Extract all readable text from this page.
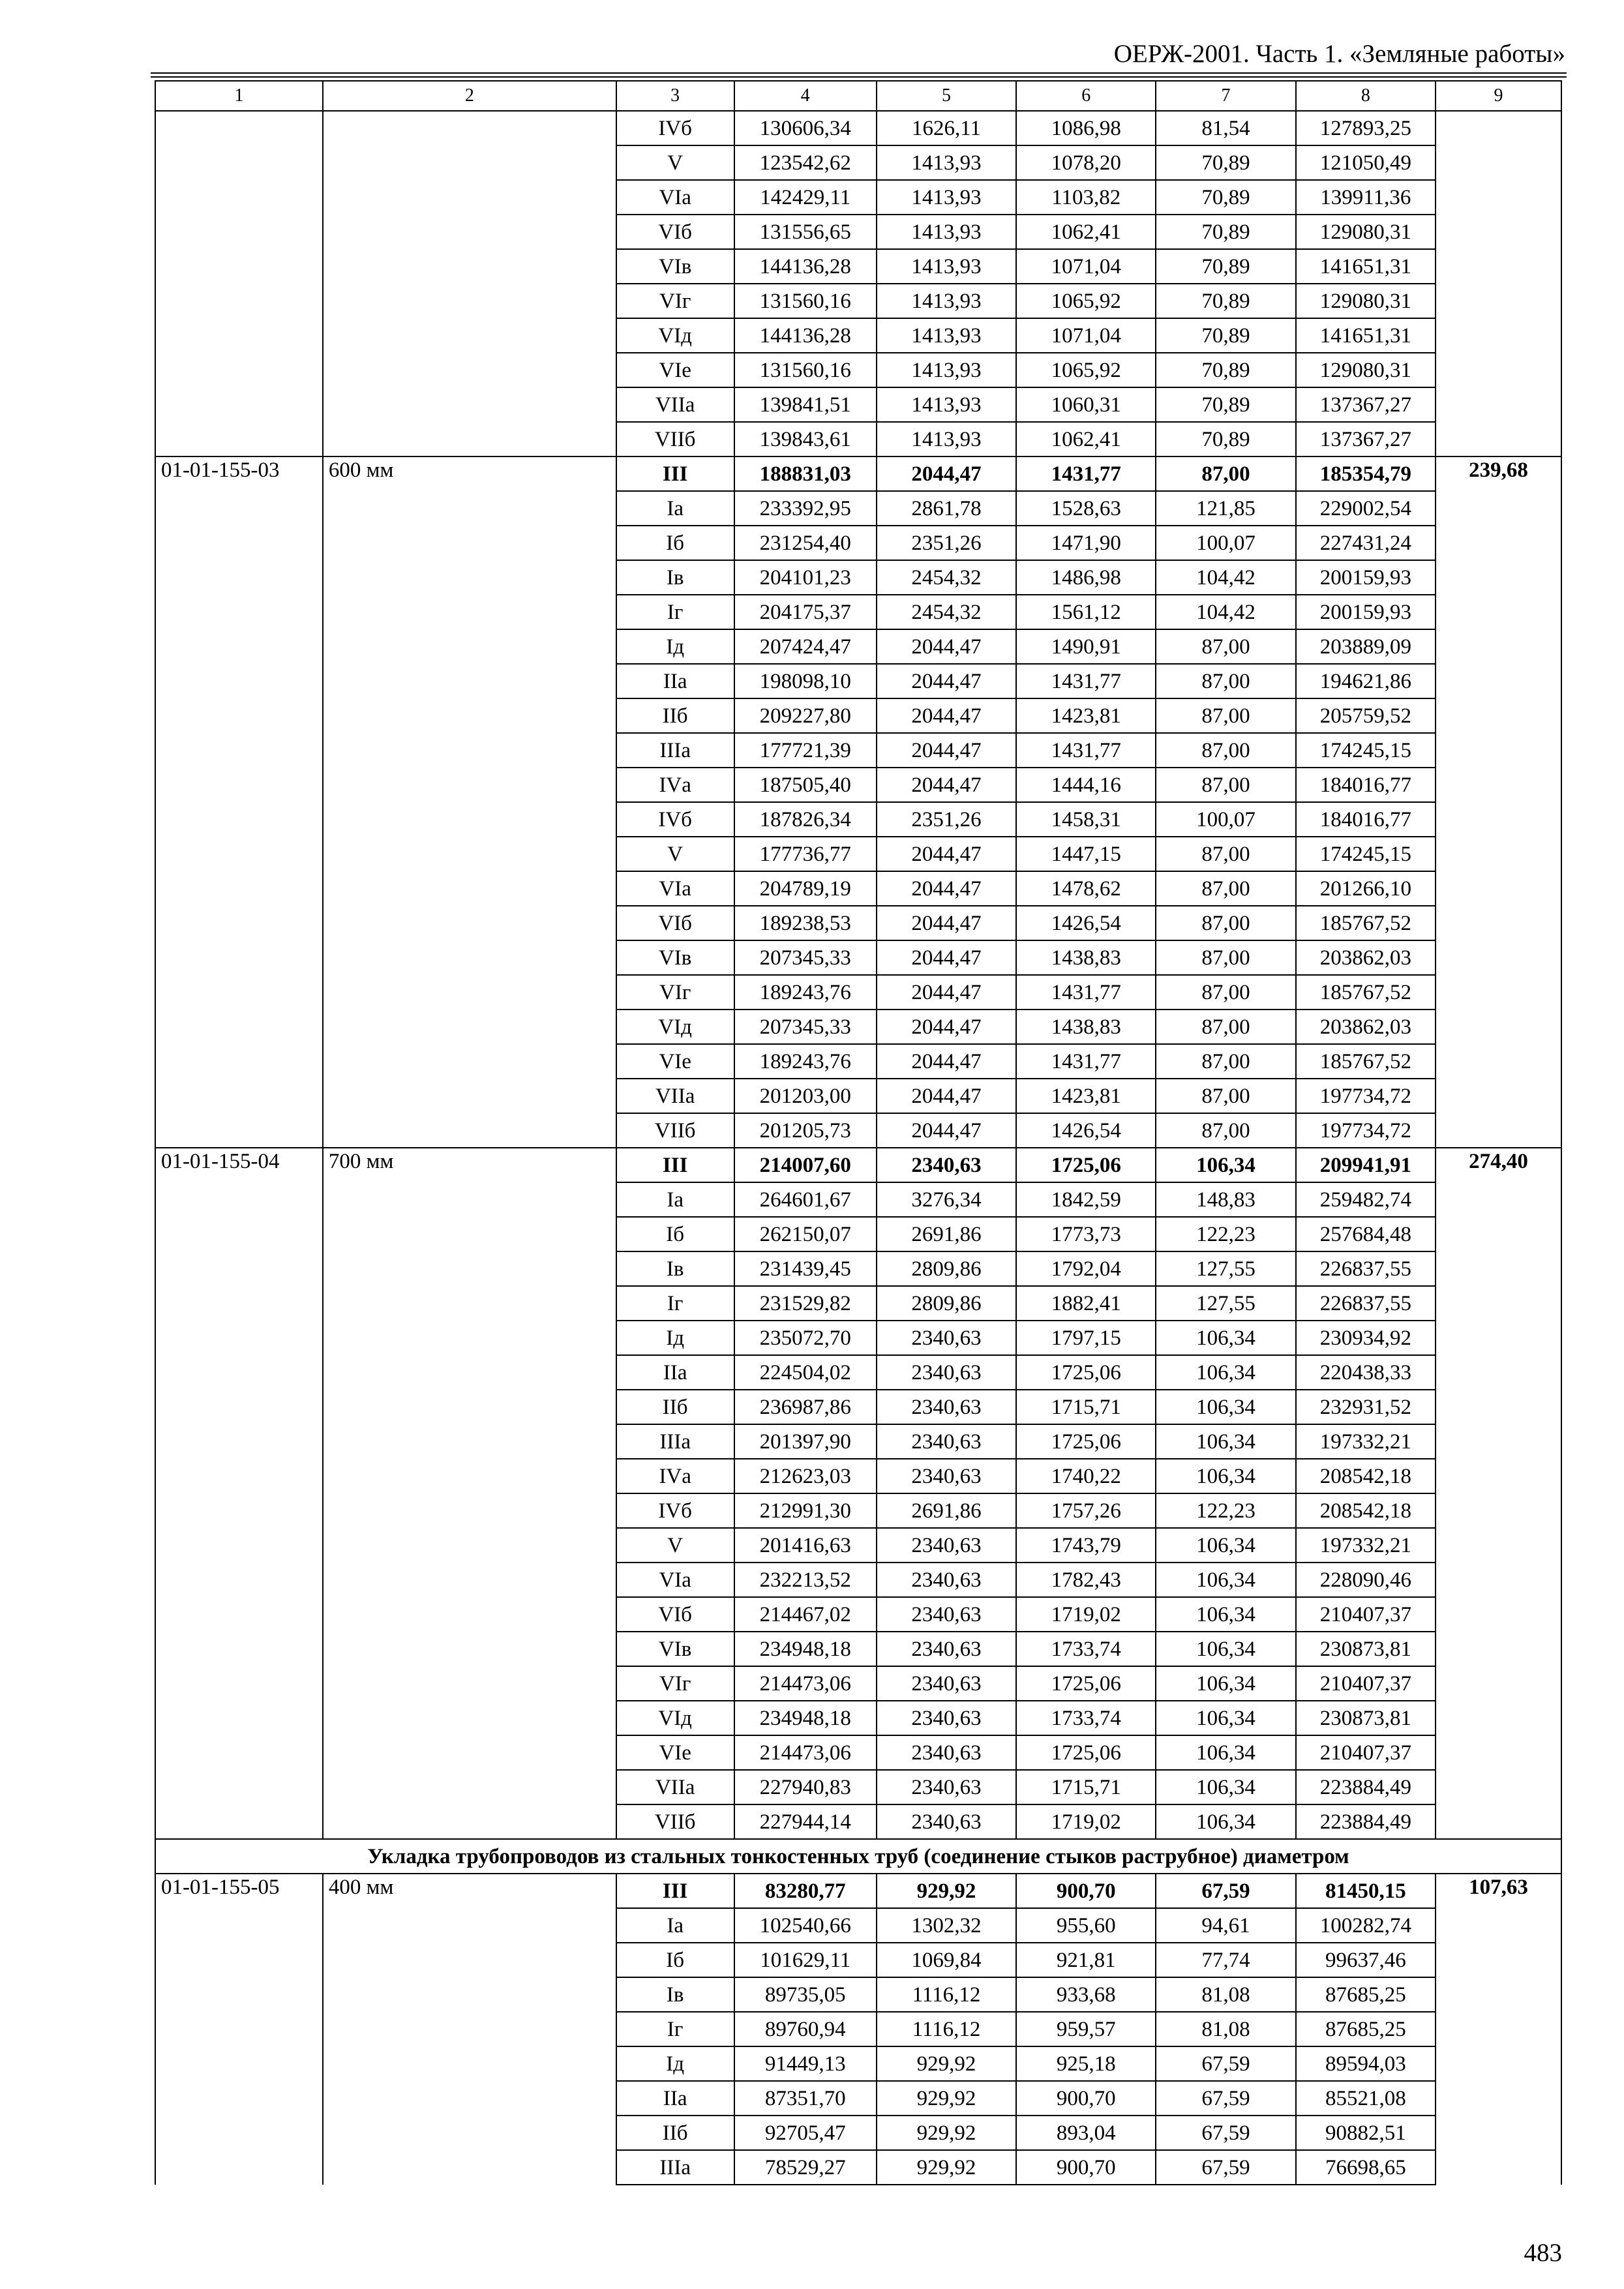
ОЕРЖ-2001. Часть 1. «Земляные работы»
1	2	3	4	5	6	7	8	9
		IVб	130606,34	1626,11	1086,98	81,54	127893,25	
		V	123542,62	1413,93	1078,20	70,89	121050,49	
		VIа	142429,11	1413,93	1103,82	70,89	139911,36	
		VIб	131556,65	1413,93	1062,41	70,89	129080,31	
		VIв	144136,28	1413,93	1071,04	70,89	141651,31	
		VIг	131560,16	1413,93	1065,92	70,89	129080,31	
		VIд	144136,28	1413,93	1071,04	70,89	141651,31	
		VIе	131560,16	1413,93	1065,92	70,89	129080,31	
		VIIа	139841,51	1413,93	1060,31	70,89	137367,27	
		VIIб	139843,61	1413,93	1062,41	70,89	137367,27	
01-01-155-03	600 мм	III	188831,03	2044,47	1431,77	87,00	185354,79	239,68
		Iа	233392,95	2861,78	1528,63	121,85	229002,54	
		Iб	231254,40	2351,26	1471,90	100,07	227431,24	
		Iв	204101,23	2454,32	1486,98	104,42	200159,93	
		Iг	204175,37	2454,32	1561,12	104,42	200159,93	
		Iд	207424,47	2044,47	1490,91	87,00	203889,09	
		IIа	198098,10	2044,47	1431,77	87,00	194621,86	
		IIб	209227,80	2044,47	1423,81	87,00	205759,52	
		IIIа	177721,39	2044,47	1431,77	87,00	174245,15	
		IVа	187505,40	2044,47	1444,16	87,00	184016,77	
		IVб	187826,34	2351,26	1458,31	100,07	184016,77	
		V	177736,77	2044,47	1447,15	87,00	174245,15	
		VIа	204789,19	2044,47	1478,62	87,00	201266,10	
		VIб	189238,53	2044,47	1426,54	87,00	185767,52	
		VIв	207345,33	2044,47	1438,83	87,00	203862,03	
		VIг	189243,76	2044,47	1431,77	87,00	185767,52	
		VIд	207345,33	2044,47	1438,83	87,00	203862,03	
		VIе	189243,76	2044,47	1431,77	87,00	185767,52	
		VIIа	201203,00	2044,47	1423,81	87,00	197734,72	
		VIIб	201205,73	2044,47	1426,54	87,00	197734,72	
01-01-155-04	700 мм	III	214007,60	2340,63	1725,06	106,34	209941,91	274,40
		Iа	264601,67	3276,34	1842,59	148,83	259482,74	
		Iб	262150,07	2691,86	1773,73	122,23	257684,48	
		Iв	231439,45	2809,86	1792,04	127,55	226837,55	
		Iг	231529,82	2809,86	1882,41	127,55	226837,55	
		Iд	235072,70	2340,63	1797,15	106,34	230934,92	
		IIа	224504,02	2340,63	1725,06	106,34	220438,33	
		IIб	236987,86	2340,63	1715,71	106,34	232931,52	
		IIIа	201397,90	2340,63	1725,06	106,34	197332,21	
		IVа	212623,03	2340,63	1740,22	106,34	208542,18	
		IVб	212991,30	2691,86	1757,26	122,23	208542,18	
		V	201416,63	2340,63	1743,79	106,34	197332,21	
		VIа	232213,52	2340,63	1782,43	106,34	228090,46	
		VIб	214467,02	2340,63	1719,02	106,34	210407,37	
		VIв	234948,18	2340,63	1733,74	106,34	230873,81	
		VIг	214473,06	2340,63	1725,06	106,34	210407,37	
		VIд	234948,18	2340,63	1733,74	106,34	230873,81	
		VIе	214473,06	2340,63	1725,06	106,34	210407,37	
		VIIа	227940,83	2340,63	1715,71	106,34	223884,49	
		VIIб	227944,14	2340,63	1719,02	106,34	223884,49	
Укладка трубопроводов из стальных тонкостенных труб (соединение стыков раструбное) диаметром								
01-01-155-05	400 мм	III	83280,77	929,92	900,70	67,59	81450,15	107,63
		Iа	102540,66	1302,32	955,60	94,61	100282,74	
		Iб	101629,11	1069,84	921,81	77,74	99637,46	
		Iв	89735,05	1116,12	933,68	81,08	87685,25	
		Iг	89760,94	1116,12	959,57	81,08	87685,25	
		Iд	91449,13	929,92	925,18	67,59	89594,03	
		IIа	87351,70	929,92	900,70	67,59	85521,08	
		IIб	92705,47	929,92	893,04	67,59	90882,51	
		IIIа	78529,27	929,92	900,70	67,59	76698,65	
483
